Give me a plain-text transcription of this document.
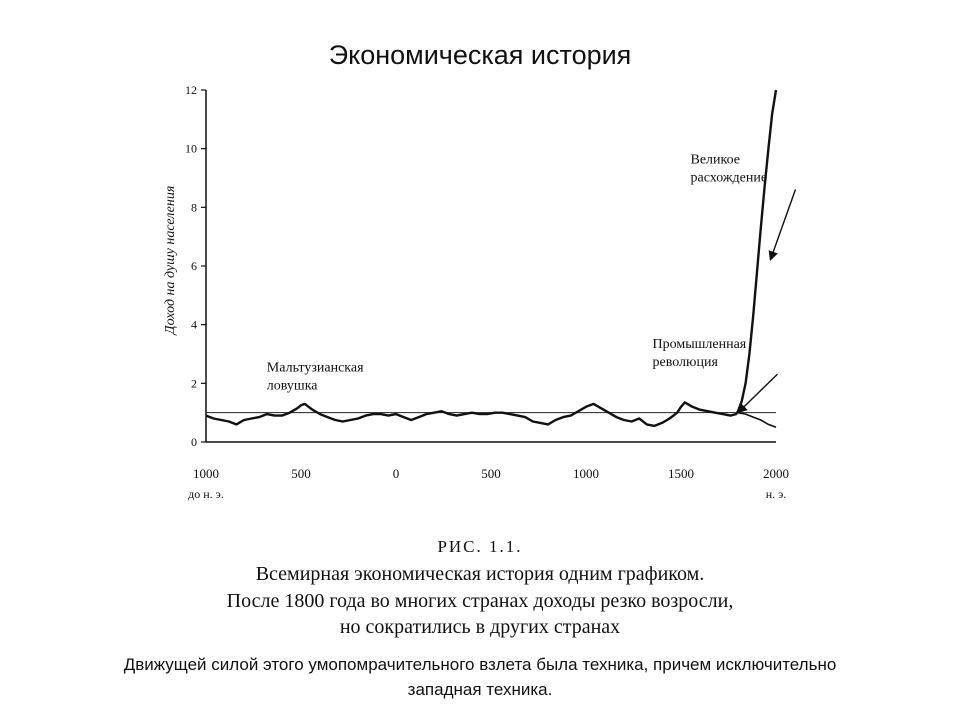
Экономическая история
0
2
4
6
8
10
12
1000
до н. э.
500	0	500	1000	1500	2000
н. э.
Мальтузианская
ловушка
Промышленная
революция
Великое
расхождение
Доход на душу населения
РИС. 1.1.
Всемирная экономическая история одним графиком.
После 1800 года во многих странах доходы резко возросли,
но сократились в других странах
Движущей силой этого умопомрачительного взлета была техника, причем исключительно западная техника.
